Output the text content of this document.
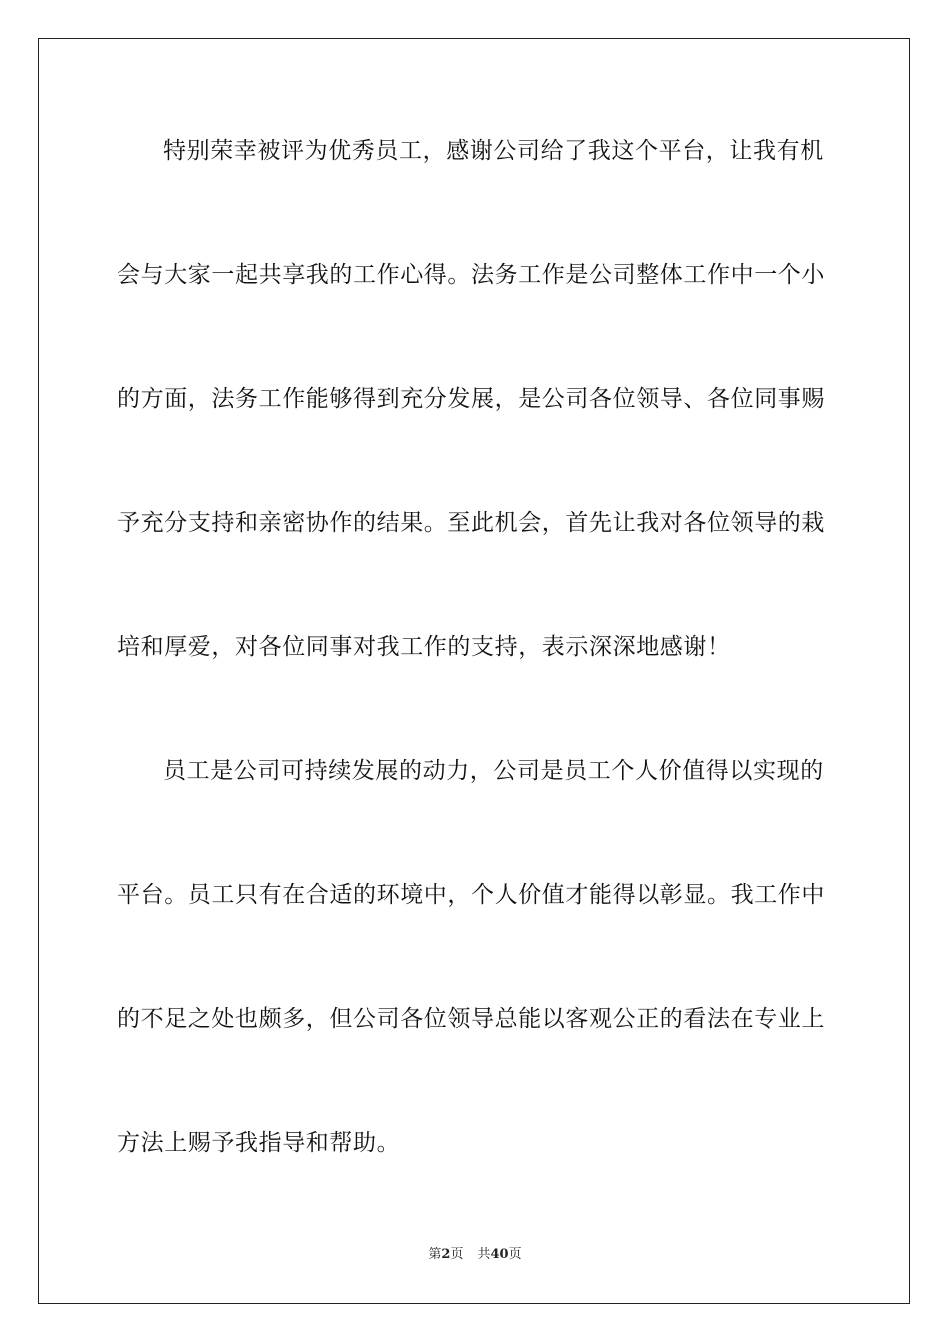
特别荣幸被评为优秀员工，感谢公司给了我这个平台，让我有机
会与大家一起共享我的工作心得。法务工作是公司整体工作中一个小
的方面，法务工作能够得到充分发展，是公司各位领导、各位同事赐
予充分支持和亲密协作的结果。至此机会，首先让我对各位领导的栽
培和厚爱，对各位同事对我工作的支持，表示深深地感谢！
员工是公司可持续发展的动力，公司是员工个人价值得以实现的
平台。员工只有在合适的环境中，个人价值才能得以彰显。我工作中
的不足之处也颇多，但公司各位领导总能以客观公正的看法在专业上
方法上赐予我指导和帮助。
第2页 共40页
